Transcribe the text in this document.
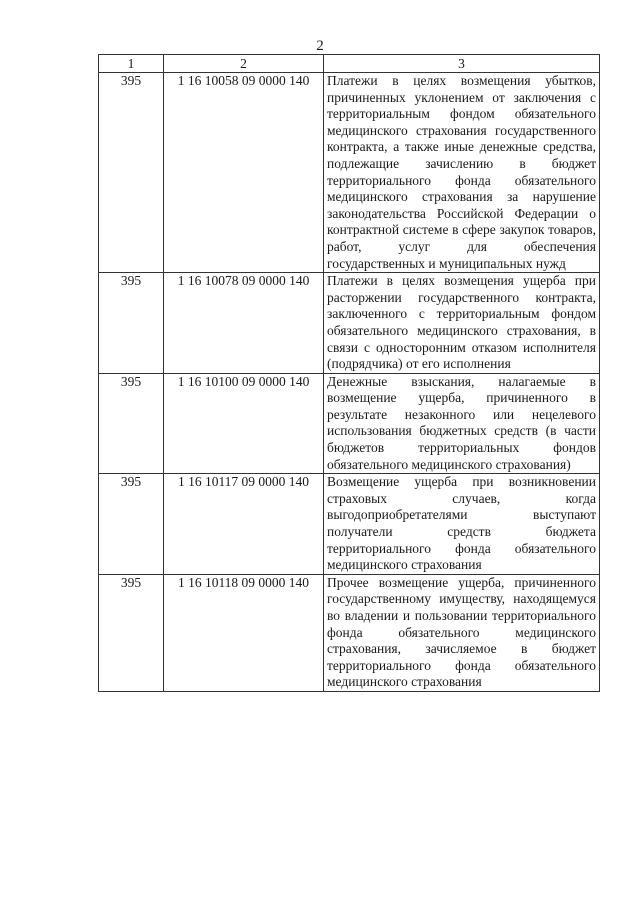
2
1	2	3
395	1 16 10058 09 0000 140	Платежи в целях возмещения убытков, причиненных уклонением от заключения с территориальным фондом обязательного медицинского страхования государственного контракта, а также иные денежные средства, подлежащие зачислению в бюджет территориального фонда обязательного медицинского страхования за нарушение законодательства Российской Федерации о контрактной системе в сфере закупок товаров, работ, услуг для обеспечения государственных и муниципальных нужд
395	1 16 10078 09 0000 140	Платежи в целях возмещения ущерба при расторжении государственного контракта, заключенного с территориальным фондом обязательного медицинского страхования, в связи с односторонним отказом исполнителя (подрядчика) от его исполнения
395	1 16 10100 09 0000 140	Денежные взыскания, налагаемые в возмещение ущерба, причиненного в результате незаконного или нецелевого использования бюджетных средств (в части бюджетов территориальных фондов обязательного медицинского страхования)
395	1 16 10117 09 0000 140	Возмещение ущерба при возникновении страховых случаев, когда выгодоприобретателями выступают получатели средств бюджета территориального фонда обязательного медицинского страхования
395	1 16 10118 09 0000 140	Прочее возмещение ущерба, причиненного государственному имуществу, находящемуся во владении и пользовании территориального фонда обязательного медицинского страхования, зачисляемое в бюджет территориального фонда обязательного медицинского страхования
